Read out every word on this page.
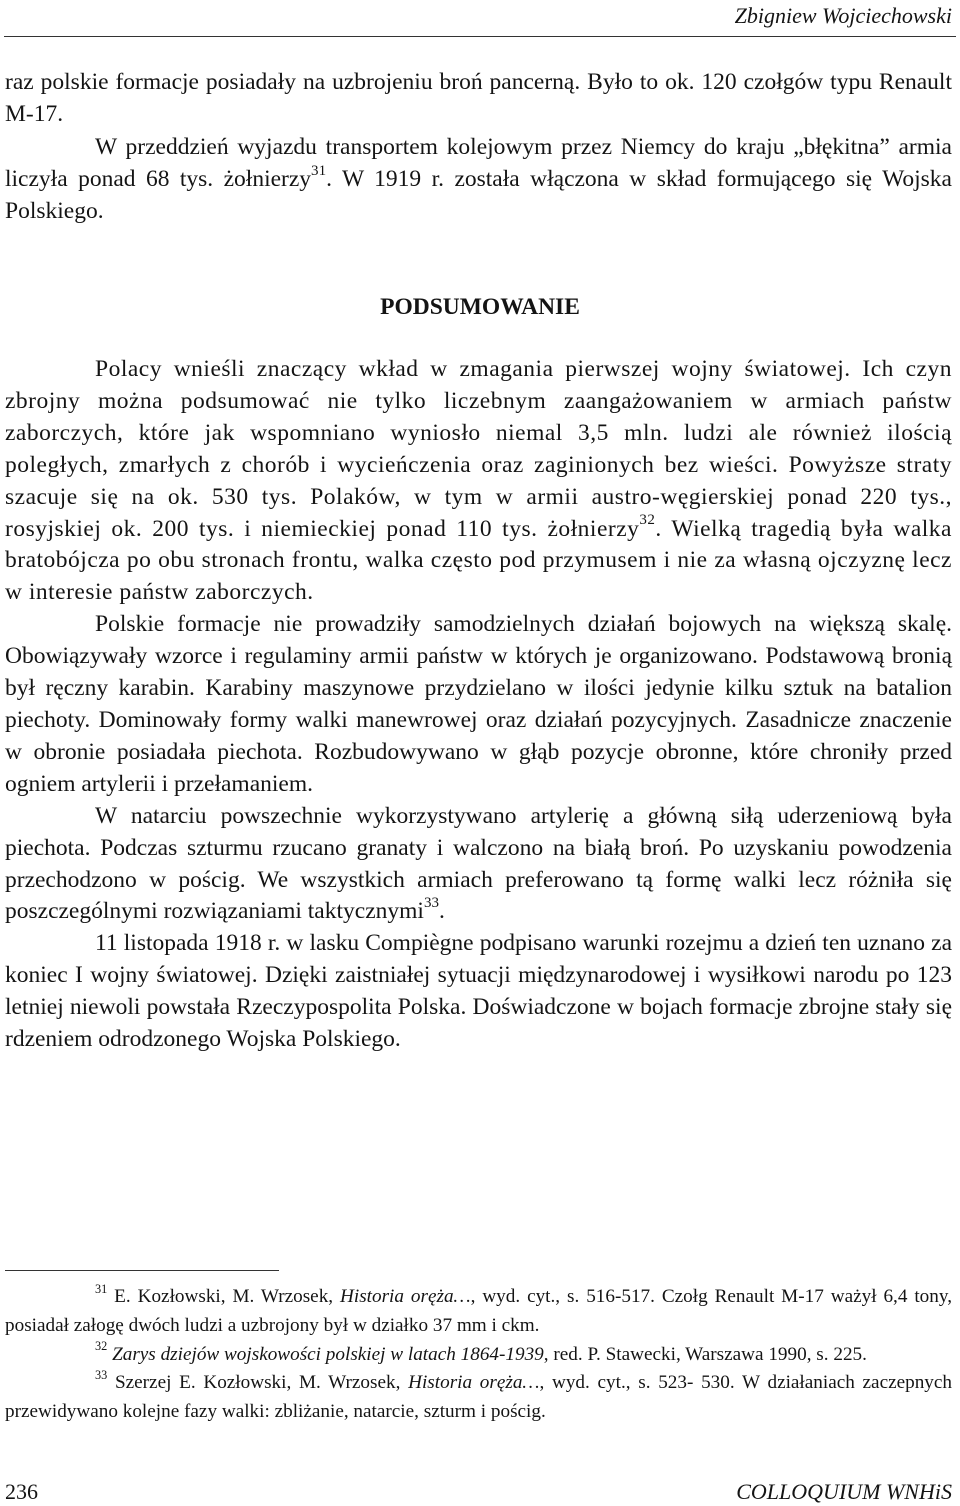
Zbigniew Wojciechowski

raz polskie formacje posiadały na uzbrojeniu broń pancerną. Było to ok. 120 czołgów typu Renault M-17.

W przeddzień wyjazdu transportem kolejowym przez Niemcy do kraju „błękitna” armia liczyła ponad 68 tys. żołnierzy$^{31}$. W 1919 r. została włączona w skład formującego się Wojska Polskiego.

PODSUMOWANIE

Polacy wnieśli znaczący wkład w zmagania pierwszej wojny światowej. Ich czyn zbrojny można podsumować nie tylko liczebnym zaangażowaniem w armiach państw zaborczych, które jak wspomniano wyniosło niemal 3,5 mln. ludzi ale również ilością poległych, zmarłych z chorób i wycieńczenia oraz zaginionych bez wieści. Powyższe straty szacuje się na ok. 530 tys. Polaków, w tym w armii austro-węgierskiej ponad 220 tys., rosyjskiej ok. 200 tys. i niemieckiej ponad 110 tys. żołnierzy$^{32}$. Wielką tragedią była walka bratobójcza po obu stronach frontu, walka często pod przymusem i nie za własną ojczyznę lecz w interesie państw zaborczych.

Polskie formacje nie prowadziły samodzielnych działań bojowych na większą skalę. Obowiązywały wzorce i regulaminy armii państw w których je organizowano. Podstawową bronią był ręczny karabin. Karabiny maszynowe przydzielano w ilości jedynie kilku sztuk na batalion piechoty. Dominowały formy walki manewrowej oraz działań pozycyjnych. Zasadnicze znaczenie w obronie posiadała piechota. Rozbudowywano w głąb pozycje obronne, które chroniły przed ogniem artylerii i przełamaniem.

W natarciu powszechnie wykorzystywano artylerię a główną siłą uderzeniową była piechota. Podczas szturmu rzucano granaty i walczono na białą broń. Po uzyskaniu powodzenia przechodzono w pościg. We wszystkich armiach preferowano tą formę walki lecz różniła się poszczególnymi rozwiązaniami taktycznymi$^{33}$.

11 listopada 1918 r. w lasku Compiègne podpisano warunki rozejmu a dzień ten uznano za koniec I wojny światowej. Dzięki zaistniałej sytuacji międzynarodowej i wysiłkowi narodu po 123 letniej niewoli powstała Rzeczypospolita Polska. Doświadczone w bojach formacje zbrojne stały się rdzeniem odrodzonego Wojska Polskiego.

$^{31}$ E. Kozłowski, M. Wrzosek, Historia oręża…, wyd. cyt., s. 516-517. Czołg Renault M-17 ważył 6,4 tony, posiadał załogę dwóch ludzi a uzbrojony był w działko 37 mm i ckm.

$^{32}$ Zarys dziejów wojskowości polskiej w latach 1864-1939, red. P. Stawecki, Warszawa 1990, s. 225.

$^{33}$ Szerzej E. Kozłowski, M. Wrzosek, Historia oręża…, wyd. cyt., s. 523- 530. W działaniach zaczepnych przewidywano kolejne fazy walki: zbliżanie, natarcie, szturm i pościg.

236	COLLOQUIUM WNHiS
